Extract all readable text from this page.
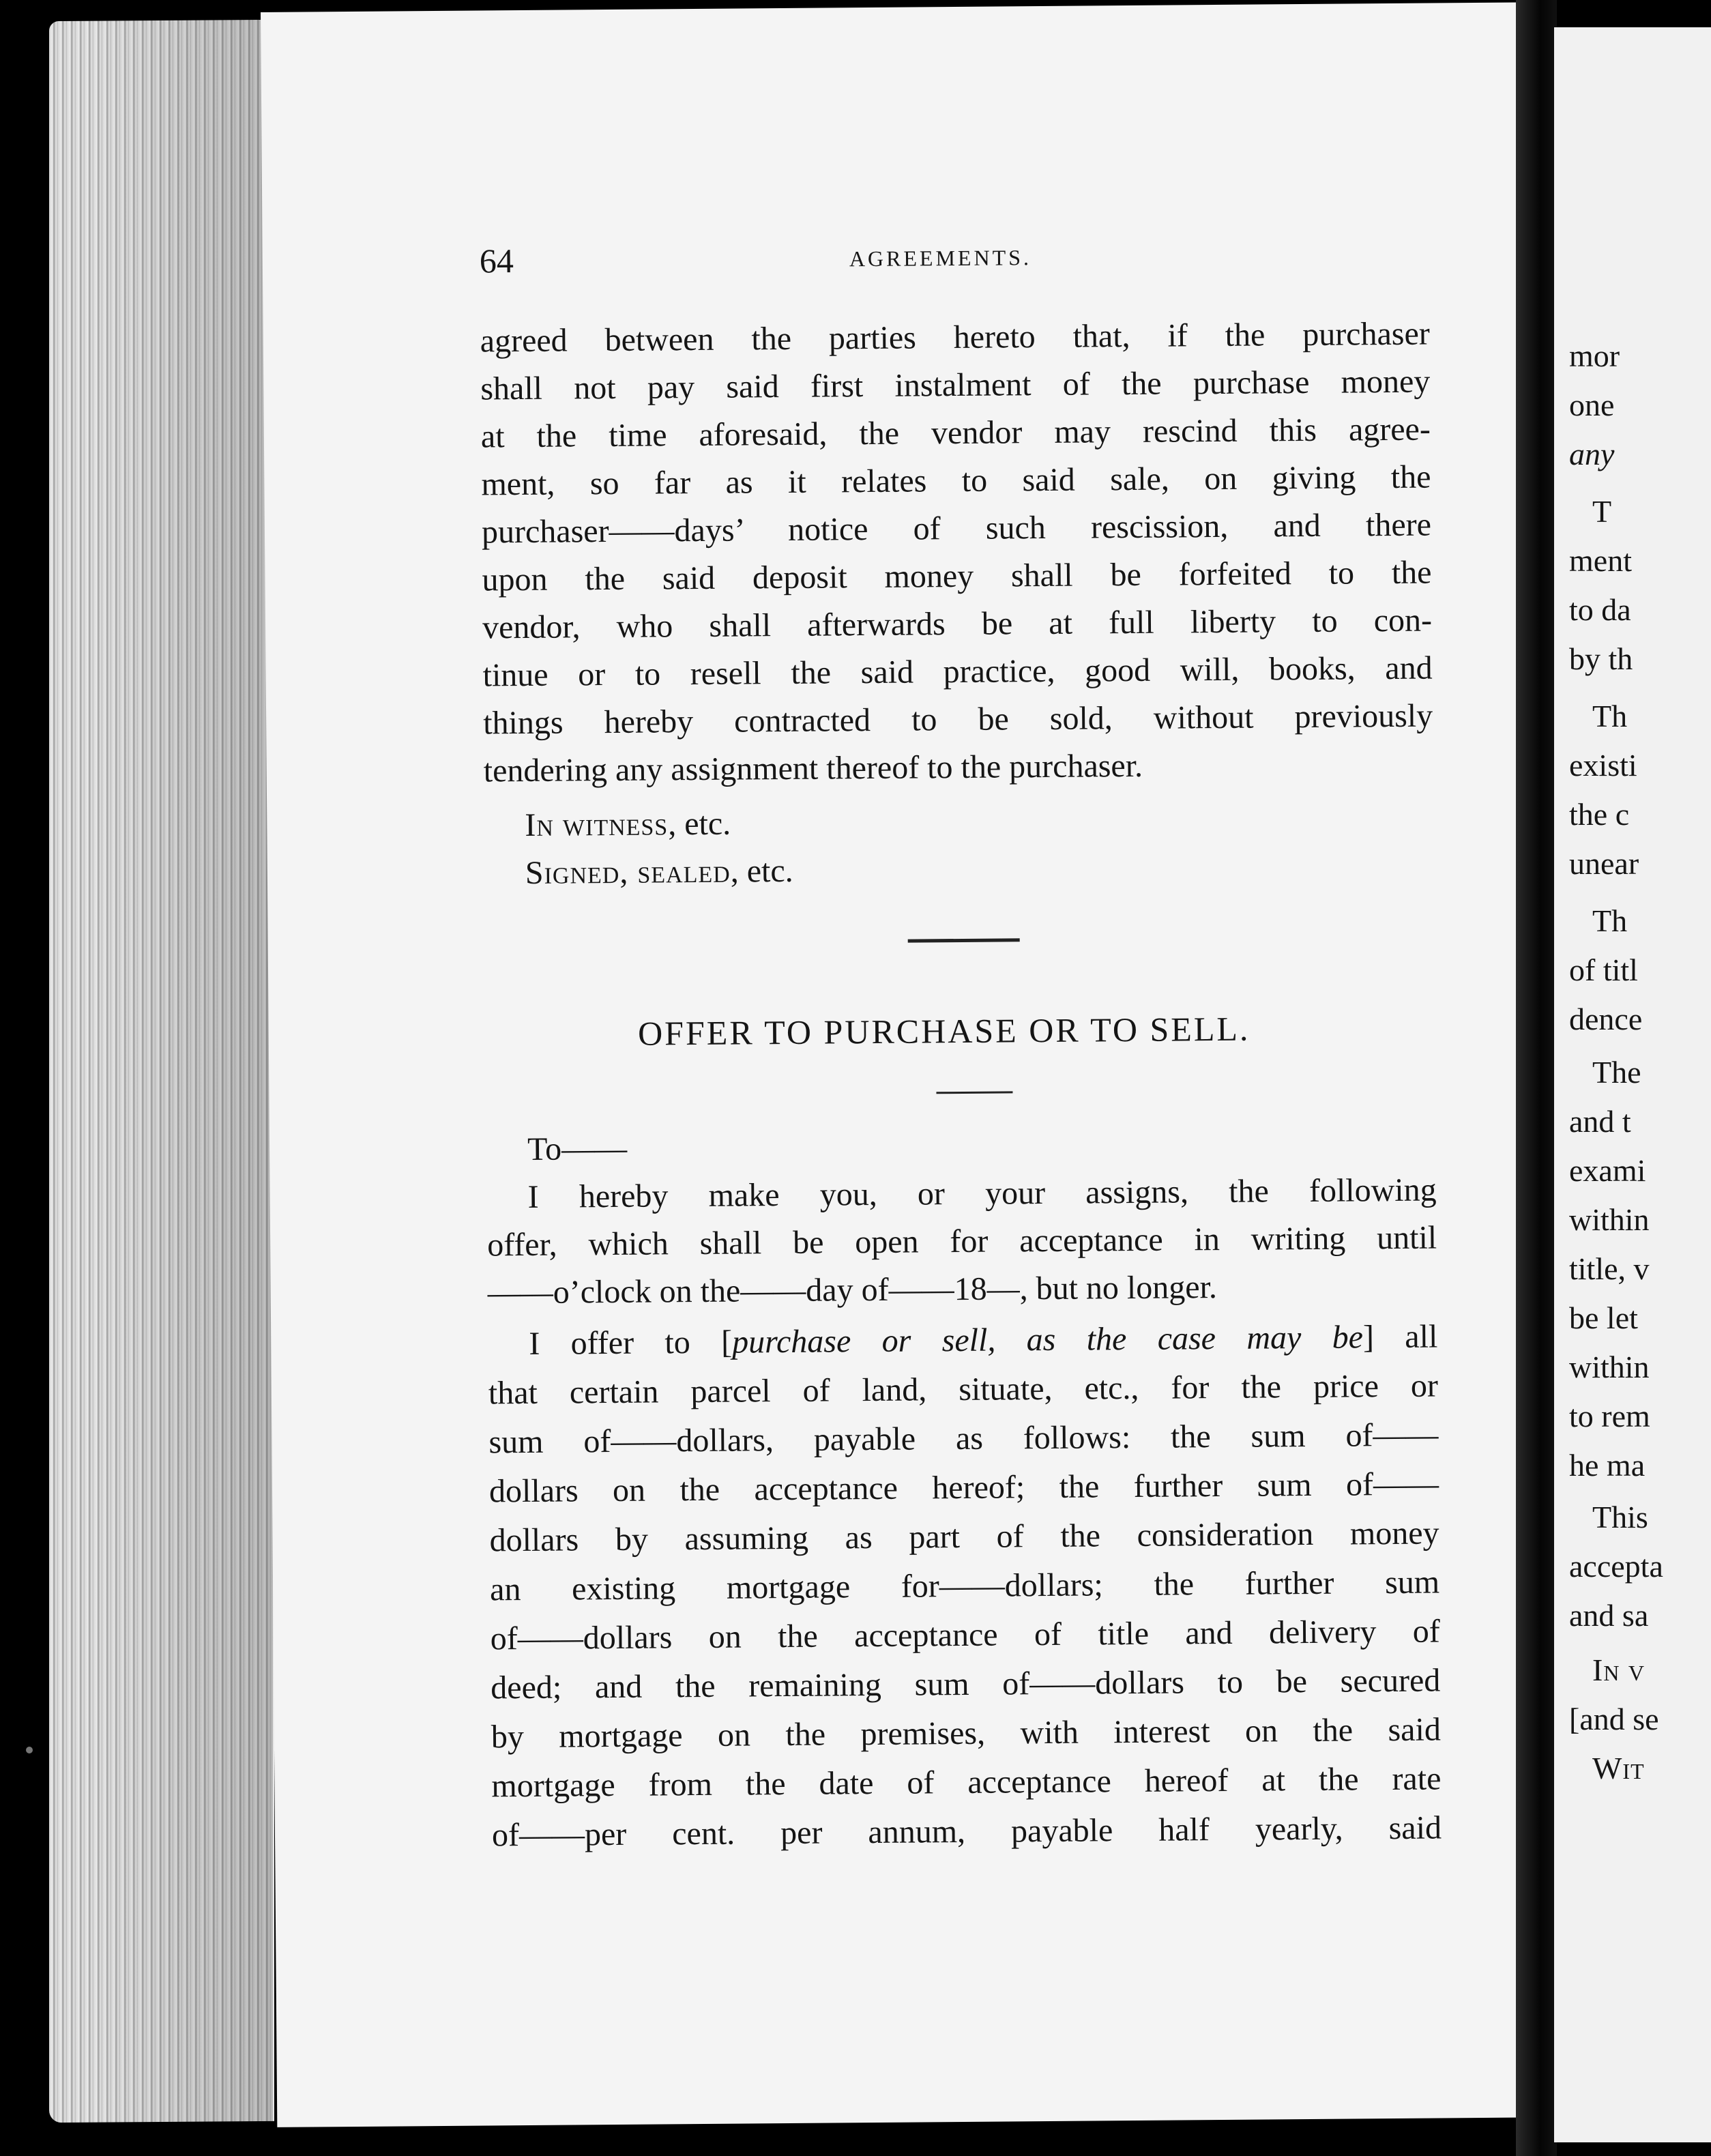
64	AGREEMENTS.
agreed between the parties hereto that, if the purchaser
shall not pay said first instalment of the purchase money
at the time aforesaid, the vendor may rescind this agree-
ment, so far as it relates to said sale, on giving the
purchaser——days’ notice of such rescission, and there
upon the said deposit money shall be forfeited to the
vendor, who shall afterwards be at full liberty to con-
tinue or to resell the said practice, good will, books, and
things hereby contracted to be sold, without previously
tendering any assignment thereof to the purchaser.
In witness, etc.
Signed, sealed, etc.
OFFER TO PURCHASE OR TO SELL.
To——
I hereby make you, or your assigns, the following
offer, which shall be open for acceptance in writing until
——o’clock on the——day of——18—, but no longer.
I offer to [purchase or sell, as the case may be] all
that certain parcel of land, situate, etc., for the price or
sum of——dollars, payable as follows: the sum of——
dollars on the acceptance hereof; the further sum of——
dollars by assuming as part of the consideration money
an existing mortgage for——dollars; the further sum
of——dollars on the acceptance of title and delivery of
deed; and the remaining sum of——dollars to be secured
by mortgage on the premises, with interest on the said
mortgage from the date of acceptance hereof at the rate
of——per cent. per annum, payable half yearly, said
mor
one
any
T
ment
to da
by th
Th
existi
the c
unear
Th
of titl
dence
The
and t
exami
within
title, v
be let
within
to rem
he ma
This
accepta
and sa
In v
[and se
Wit
